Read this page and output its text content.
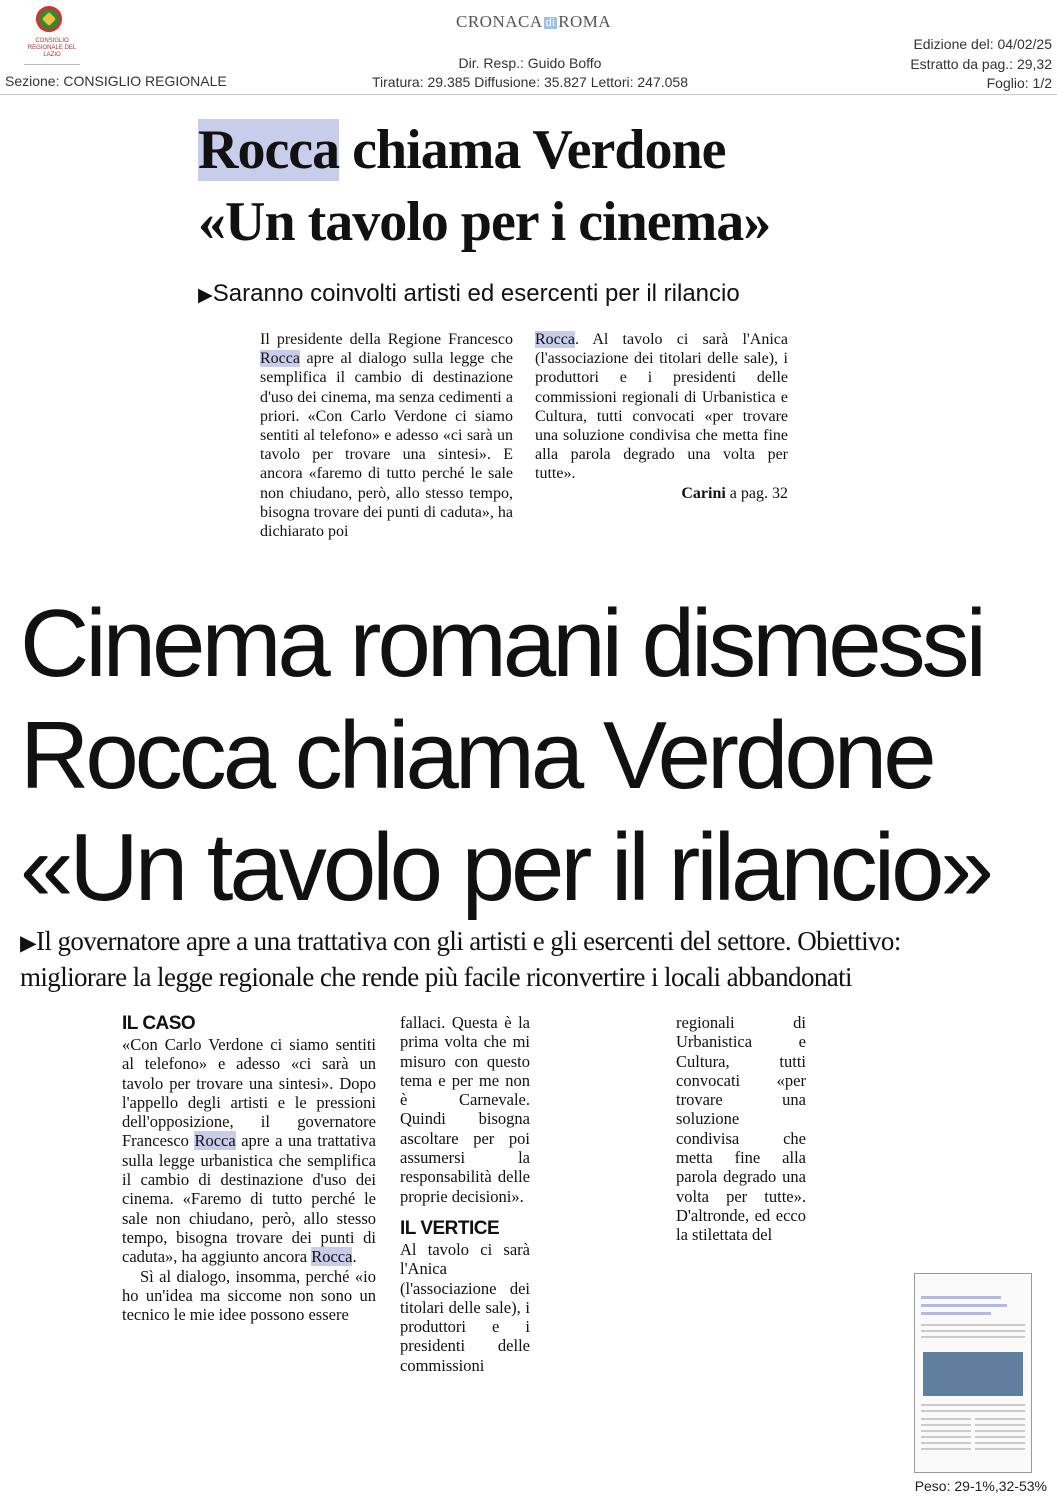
CONSIGLIO REGIONALE DEL LAZIO
Sezione: CONSIGLIO REGIONALE
CRONACA di ROMA
Dir. Resp.: Guido Boffo
Tiratura: 29.385 Diffusione: 35.827 Lettori: 247.058
Edizione del: 04/02/25
Estratto da pag.: 29,32
Foglio: 1/2
Rocca chiama Verdone
«Un tavolo per i cinema»
▶Saranno coinvolti artisti ed esercenti per il rilancio
Il presidente della Regione Francesco Rocca apre al dialogo sulla legge che semplifica il cambio di destinazione d'uso dei cinema, ma senza cedimenti a priori. «Con Carlo Verdone ci siamo sentiti al telefono» e adesso «ci sarà un tavolo per trovare una sintesi». E ancora «faremo di tutto perché le sale non chiudano, però, allo stesso tempo, bisogna trovare dei punti di caduta», ha dichiarato poi
Rocca. Al tavolo ci sarà l'Anica (l'associazione dei titolari delle sale), i produttori e i presidenti delle commissioni regionali di Urbanistica e Cultura, tutti convocati «per trovare una soluzione condivisa che metta fine alla parola degrado una volta per tutte».
Carini a pag. 32
Cinema romani dismessi
Rocca chiama Verdone
«Un tavolo per il rilancio»
▶Il governatore apre a una trattativa con gli artisti e gli esercenti del settore. Obiettivo:
migliorare la legge regionale che rende più facile riconvertire i locali abbandonati
IL CASO

«Con Carlo Verdone ci siamo sentiti al telefono» e adesso «ci sarà un tavolo per trovare una sintesi». Dopo l'appello degli artisti e le pressioni dell'opposizione, il governatore Francesco Rocca apre a una trattativa sulla legge urbanistica che semplifica il cambio di destinazione d'uso dei cinema. «Faremo di tutto perché le sale non chiudano, però, allo stesso tempo, bisogna trovare dei punti di caduta», ha aggiunto ancora Rocca.

Sì al dialogo, insomma, perché «io ho un'idea ma siccome non sono un tecnico le mie idee possono essere

fallaci. Questa è la prima volta che mi misuro con questo tema e per me non è Carnevale. Quindi bisogna ascoltare per poi assumersi la responsabilità delle proprie decisioni».

IL VERTICE

Al tavolo ci sarà l'Anica (l'associazione dei titolari delle sale), i produttori e i presidenti delle commissioni

regionali di Urbanistica e Cultura, tutti convocati «per trovare una soluzione condivisa che metta fine alla parola degrado una volta per tutte». D'altronde, ed ecco la stilettata del

Peso: 29-1%,32-53%
